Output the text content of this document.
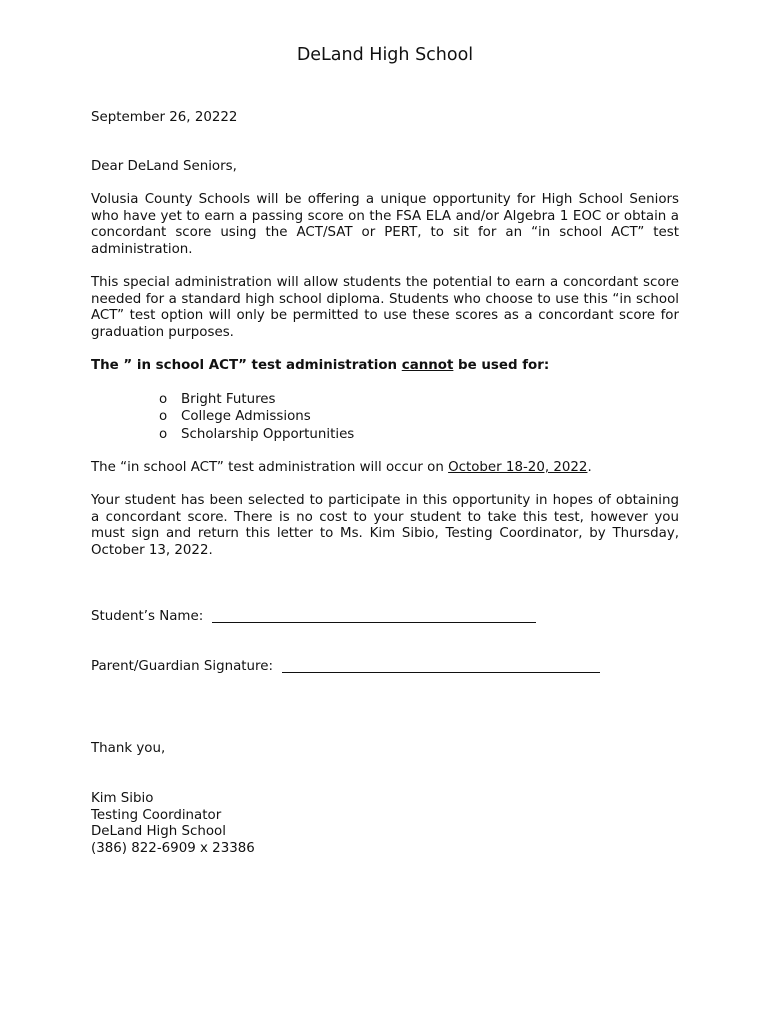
DeLand High School
September 26, 20222
Dear DeLand Seniors,
Volusia County Schools will be offering a unique opportunity for High School Seniors who have yet to earn a passing score on the FSA ELA and/or Algebra 1 EOC or obtain a concordant score using the ACT/SAT or PERT, to sit for an “in school ACT” test administration.
This special administration will allow students the potential to earn a concordant score needed for a standard high school diploma. Students who choose to use this “in school ACT” test option will only be permitted to use these scores as a concordant score for graduation purposes.
The ” in school ACT” test administration cannot be used for:
o	Bright Futures
o	College Admissions
o	Scholarship Opportunities
The “in school ACT” test administration will occur on October 18-20, 2022.
Your student has been selected to participate in this opportunity in hopes of obtaining a concordant score. There is no cost to your student to take this test, however you must sign and return this letter to Ms. Kim Sibio, Testing Coordinator, by Thursday, October 13, 2022.
Student’s Name:
Parent/Guardian Signature:
Thank you,
Kim Sibio
Testing Coordinator
DeLand High School
(386) 822-6909 x 23386
